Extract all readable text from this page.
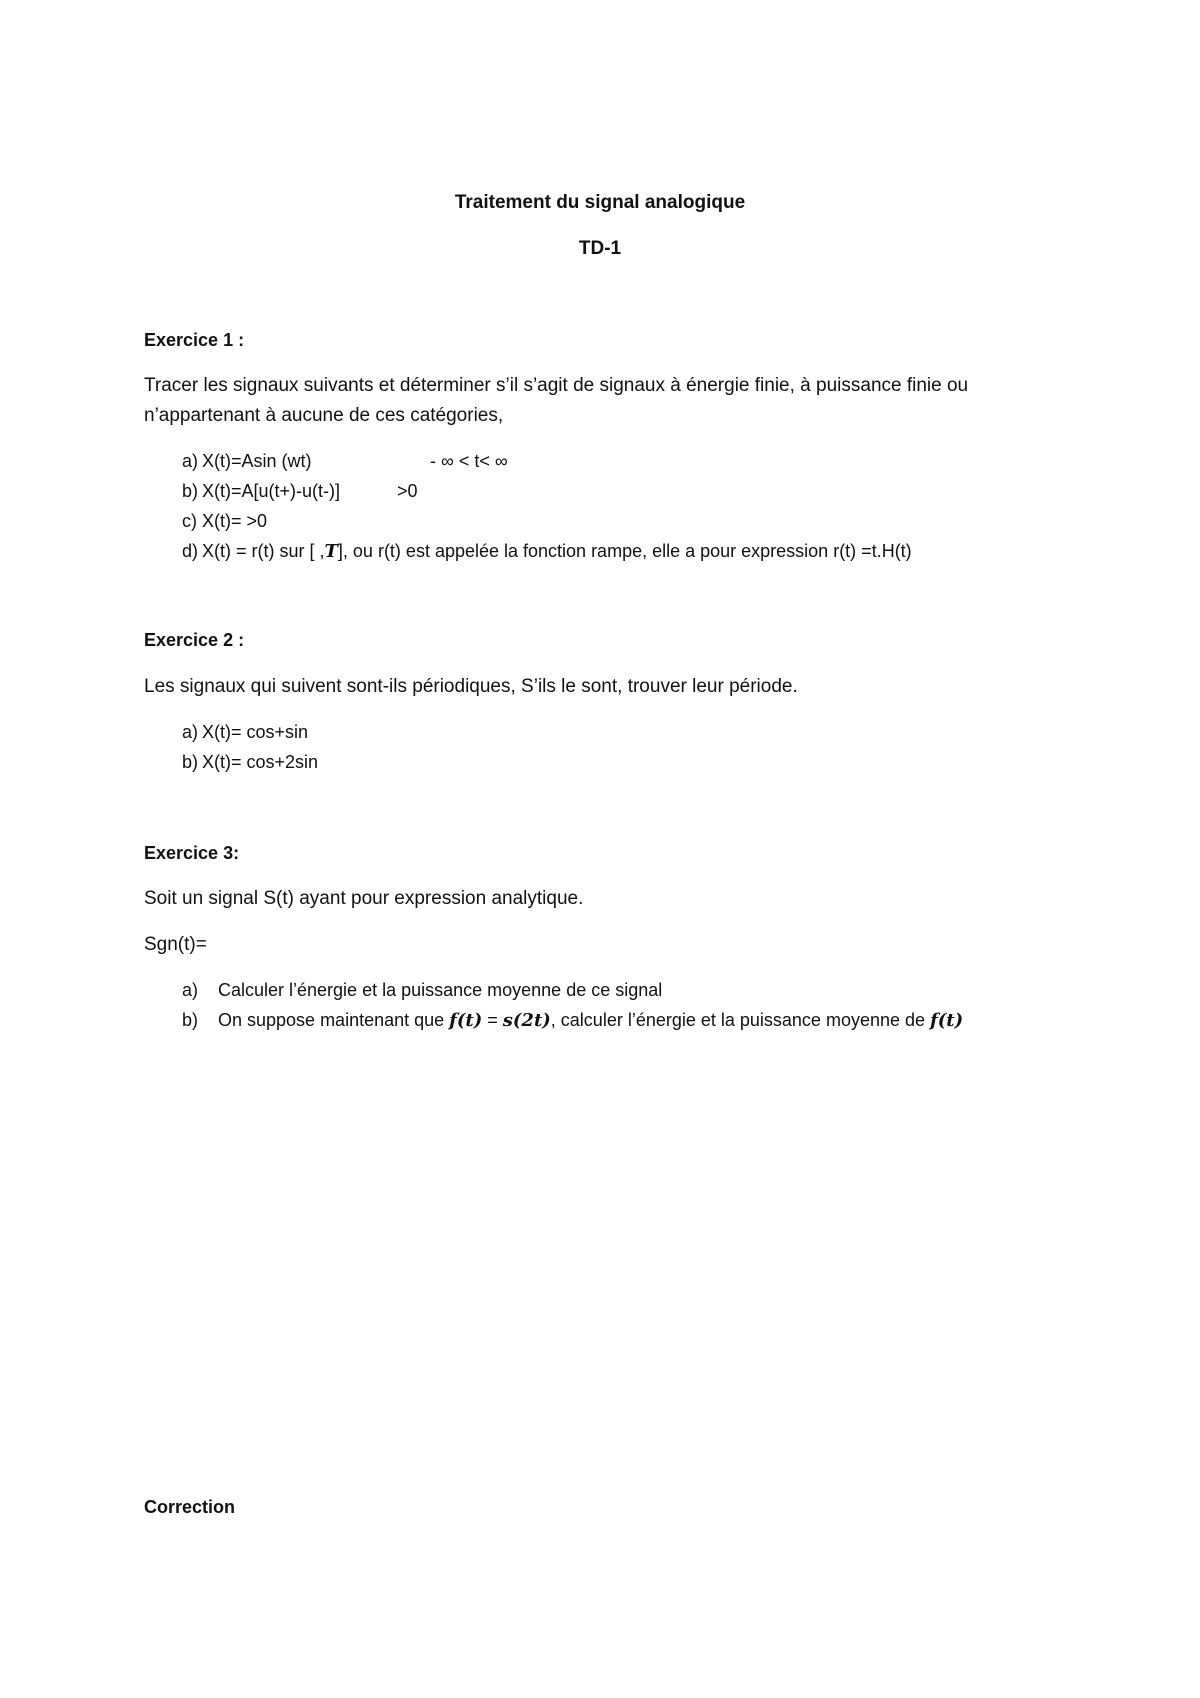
Traitement du signal analogique
TD-1
Exercice 1 :
Tracer les signaux suivants et déterminer s’il s’agit de signaux à énergie finie, à puissance finie ou
n’appartenant à aucune de ces catégories,
a) X(t)=Asin (wt)	- ∞ < t< ∞
b) X(t)=A[u(t+)-u(t-)]	>0
c) X(t)= >0
d) X(t) = r(t) sur [ ,T], ou r(t) est appelée la fonction rampe, elle a pour expression r(t) =t.H(t)
Exercice 2 :
Les signaux qui suivent sont-ils périodiques, S’ils le sont, trouver leur période.
a) X(t)= cos+sin
b) X(t)= cos+2sin
Exercice 3:
Soit un signal S(t) ayant pour expression analytique.
Sgn(t)=
a)	Calculer l’énergie et la puissance moyenne de ce signal
b)	On suppose maintenant que f(t) = s(2t), calculer l’énergie et la puissance moyenne de f(t)
Correction
